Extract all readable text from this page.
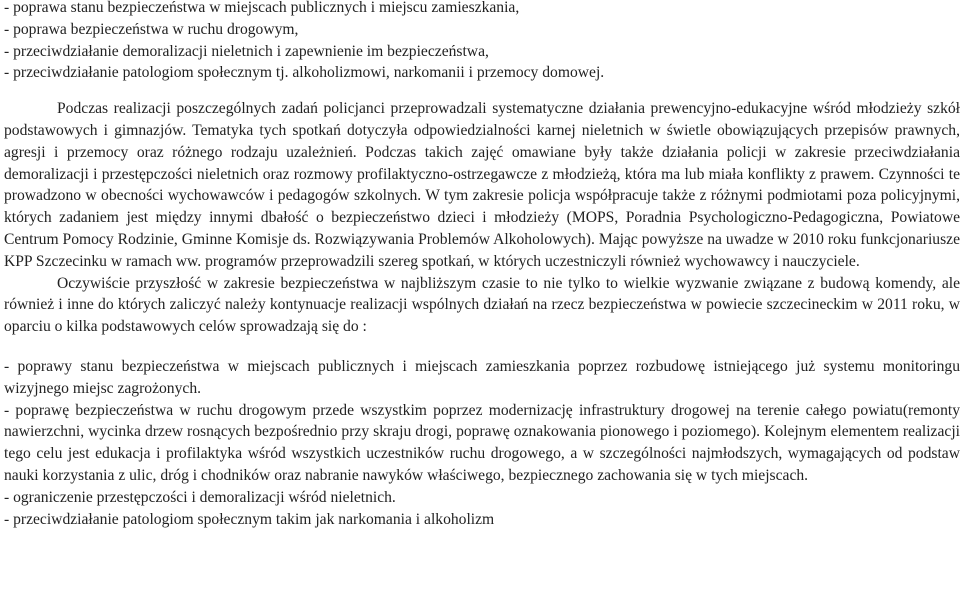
- poprawa stanu bezpieczeństwa w miejscach publicznych i miejscu zamieszkania,
- poprawa bezpieczeństwa w ruchu drogowym,
- przeciwdziałanie demoralizacji nieletnich i zapewnienie im bezpieczeństwa,
- przeciwdziałanie patologiom społecznym tj. alkoholizmowi, narkomanii i przemocy domowej.

Podczas realizacji poszczególnych zadań policjanci przeprowadzali systematyczne działania prewencyjno-edukacyjne wśród młodzieży szkół podstawowych i gimnazjów. Tematyka tych spotkań dotyczyła odpowiedzialności karnej nieletnich w świetle obowiązujących przepisów prawnych, agresji i przemocy oraz różnego rodzaju uzależnień. Podczas takich zajęć omawiane były także działania policji w zakresie przeciwdziałania demoralizacji i przestępczości nieletnich oraz rozmowy profilaktyczno-ostrzegawcze z młodzieżą, która ma lub miała konflikty z prawem. Czynności te prowadzono w obecności wychowawców i pedagogów szkolnych. W tym zakresie policja współpracuje także z różnymi podmiotami poza policyjnymi, których zadaniem jest między innymi dbałość o bezpieczeństwo dzieci i młodzieży (MOPS, Poradnia Psychologiczno-Pedagogiczna, Powiatowe Centrum Pomocy Rodzinie, Gminne Komisje ds. Rozwiązywania Problemów Alkoholowych). Mając powyższe na uwadze w 2010 roku funkcjonariusze KPP Szczecinku w ramach ww. programów przeprowadzili szereg spotkań, w których uczestniczyli również wychowawcy i nauczyciele.

Oczywiście przyszłość w zakresie bezpieczeństwa w najbliższym czasie to nie tylko to wielkie wyzwanie związane z budową komendy, ale również i inne do których zaliczyć należy kontynuacje realizacji wspólnych działań na rzecz bezpieczeństwa w powiecie szczecineckim w 2011 roku, w oparciu o kilka podstawowych celów sprowadzają się do :

- poprawy stanu bezpieczeństwa w miejscach publicznych i miejscach zamieszkania poprzez rozbudowę istniejącego już systemu monitoringu wizyjnego miejsc zagrożonych.
- poprawę bezpieczeństwa w ruchu drogowym przede wszystkim poprzez modernizację infrastruktury drogowej na terenie całego powiatu(remonty nawierzchni, wycinka drzew rosnących bezpośrednio przy skraju drogi, poprawę oznakowania pionowego i poziomego). Kolejnym elementem realizacji tego celu jest edukacja i profilaktyka wśród wszystkich uczestników ruchu drogowego, a w szczególności najmłodszych, wymagających od podstaw nauki korzystania z ulic, dróg i chodników oraz nabranie nawyków właściwego, bezpiecznego zachowania się w tych miejscach.
- ograniczenie przestępczości i demoralizacji wśród nieletnich.
- przeciwdziałanie patologiom społecznym takim jak narkomania i alkoholizm
